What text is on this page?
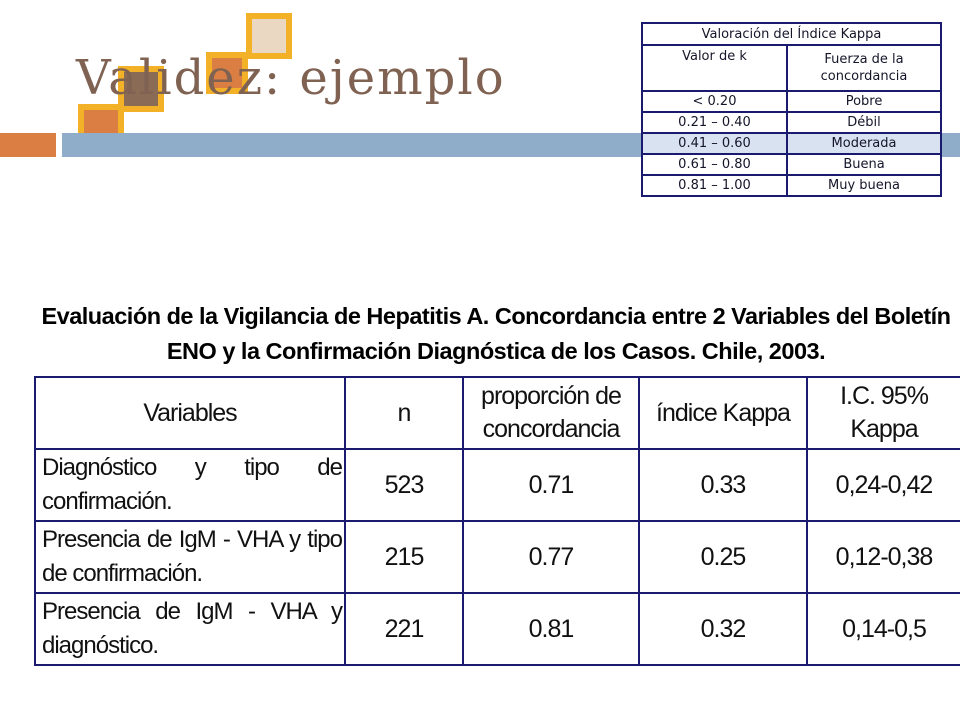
Validez: ejemplo
Valoración del Índice Kappa	
Valor de k	Fuerza de la concordancia
< 0.20	Pobre
0.21 – 0.40	Débil
0.41 – 0.60	Moderada
0.61 – 0.80	Buena
0.81 – 1.00	Muy buena
Evaluación de la Vigilancia de Hepatitis A. Concordancia entre 2 Variables del Boletín ENO y la Confirmación Diagnóstica de los Casos. Chile, 2003.
Variables	n	proporción de concordancia	índice Kappa	I.C. 95% Kappa
Diagnóstico y tipo de confirmación.	523	0.71	0.33	0,24-0,42
Presencia de IgM - VHA y tipo de confirmación.	215	0.77	0.25	0,12-0,38
Presencia de IgM - VHA y diagnóstico.	221	0.81	0.32	0,14-0,5
